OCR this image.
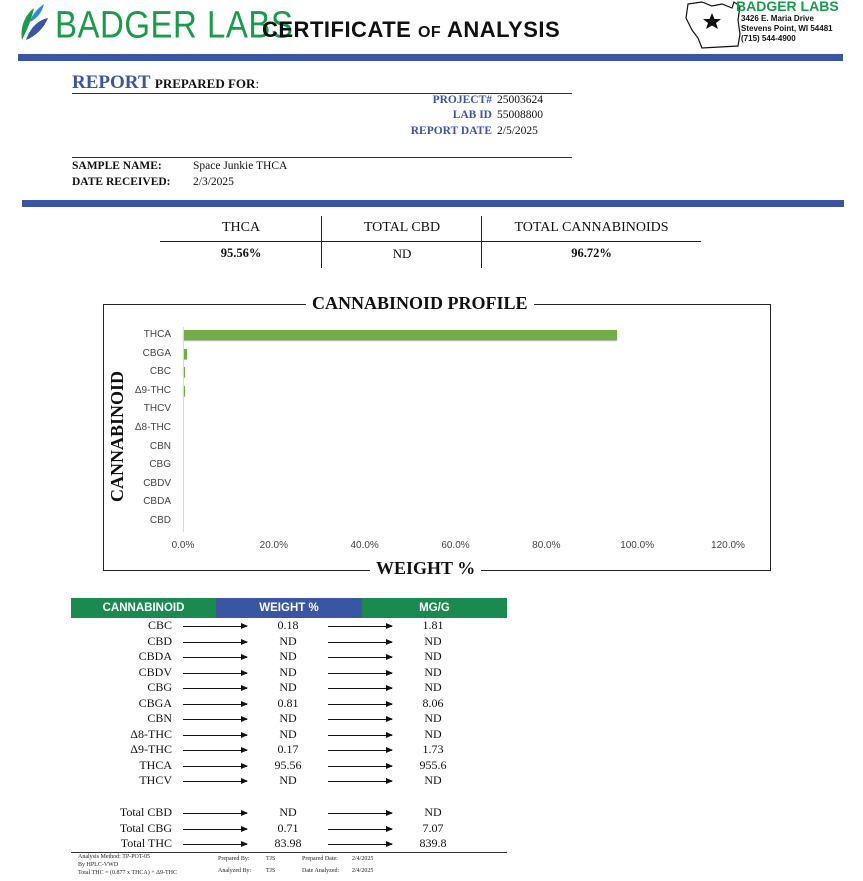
BADGER LABS
CERTIFICATE OF ANALYSIS
BADGER LABS
3426 E. Maria Drive
Stevens Point, WI 54481
(715) 544-4900
REPORT PREPARED FOR:
PROJECT# 25003624
LAB ID 55008800
REPORT DATE 2/5/2025
SAMPLE NAME:	Space Junkie THCA
DATE RECEIVED: 2/3/2025
THCA	TOTAL CBD	TOTAL CANNABINOIDS
95.56%	ND	96.72%
CANNABINOID PROFILE
WEIGHT %
CANNABINOID
THCA
CBGA
CBC
Δ9-THC
THCV
Δ8-THC
CBN
CBG
CBDV
CBDA
CBD
0.0%	20.0%	40.0%	60.0%	80.0%	100.0%	120.0%
CANNABINOID	WEIGHT %	MG/G
CBC	0.18	1.81
CBD	ND	ND
CBDA	ND	ND
CBDV	ND	ND
CBG	ND	ND
CBGA	0.81	8.06
CBN	ND	ND
Δ8-THC	ND	ND
Δ9-THC	0.17	1.73
THCA	95.56	955.6
THCV	ND	ND
Total CBD	ND	ND
Total CBG	0.71	7.07
Total THC	83.98	839.8
Analysis Method: TP-POT-05
By HPLC-VWD
Total THC = (0.877 x THCA) + Δ9-THC
Prepared By:	TJS
Analyzed By: TJS
Prepared Date: 2/4/2025
Date Analyzed: 2/4/2025
